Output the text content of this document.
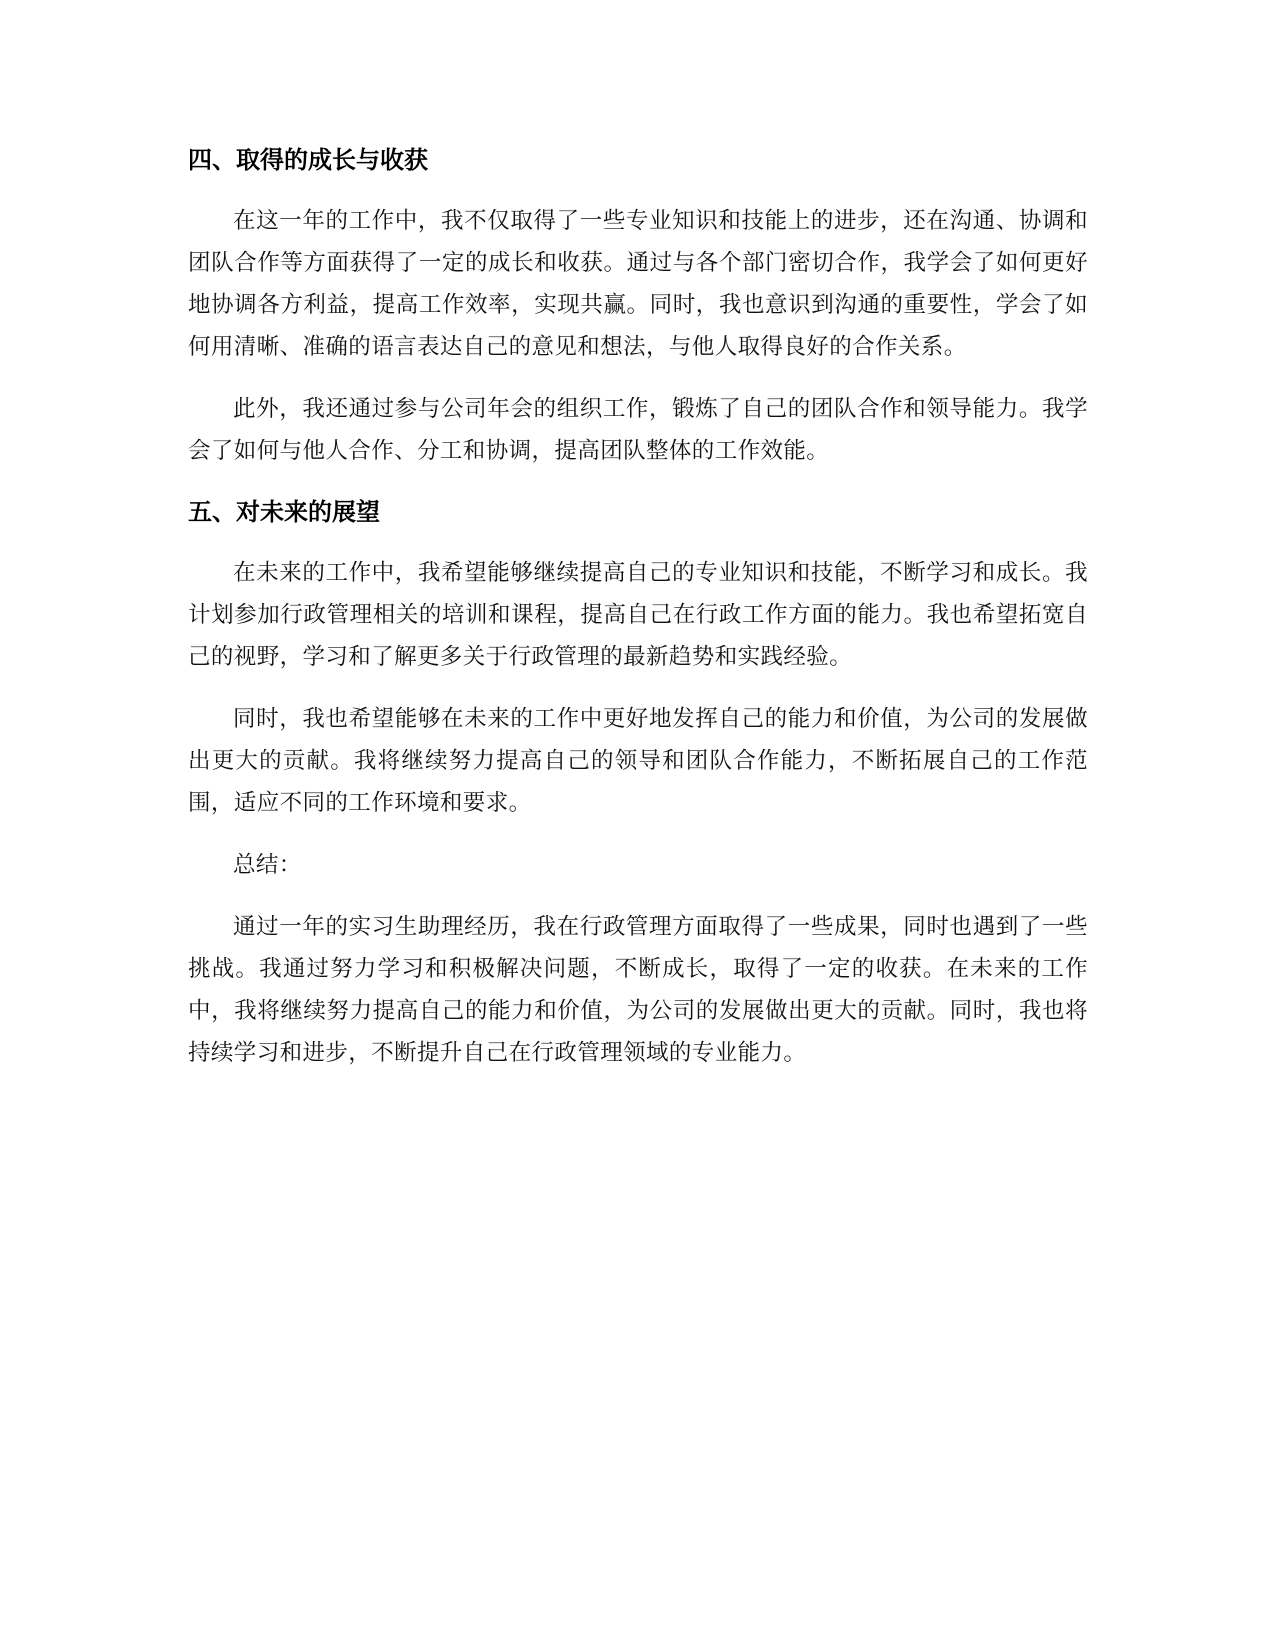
四、取得的成长与收获

在这一年的工作中，我不仅取得了一些专业知识和技能上的进步，还在沟通、协调和团队合作等方面获得了一定的成长和收获。通过与各个部门密切合作，我学会了如何更好地协调各方利益，提高工作效率，实现共赢。同时，我也意识到沟通的重要性，学会了如何用清晰、准确的语言表达自己的意见和想法，与他人取得良好的合作关系。

此外，我还通过参与公司年会的组织工作，锻炼了自己的团队合作和领导能力。我学会了如何与他人合作、分工和协调，提高团队整体的工作效能。

五、对未来的展望

在未来的工作中，我希望能够继续提高自己的专业知识和技能，不断学习和成长。我计划参加行政管理相关的培训和课程，提高自己在行政工作方面的能力。我也希望拓宽自己的视野，学习和了解更多关于行政管理的最新趋势和实践经验。

同时，我也希望能够在未来的工作中更好地发挥自己的能力和价值，为公司的发展做出更大的贡献。我将继续努力提高自己的领导和团队合作能力，不断拓展自己的工作范围，适应不同的工作环境和要求。

总结：

通过一年的实习生助理经历，我在行政管理方面取得了一些成果，同时也遇到了一些挑战。我通过努力学习和积极解决问题，不断成长，取得了一定的收获。在未来的工作中，我将继续努力提高自己的能力和价值，为公司的发展做出更大的贡献。同时，我也将持续学习和进步，不断提升自己在行政管理领域的专业能力。
